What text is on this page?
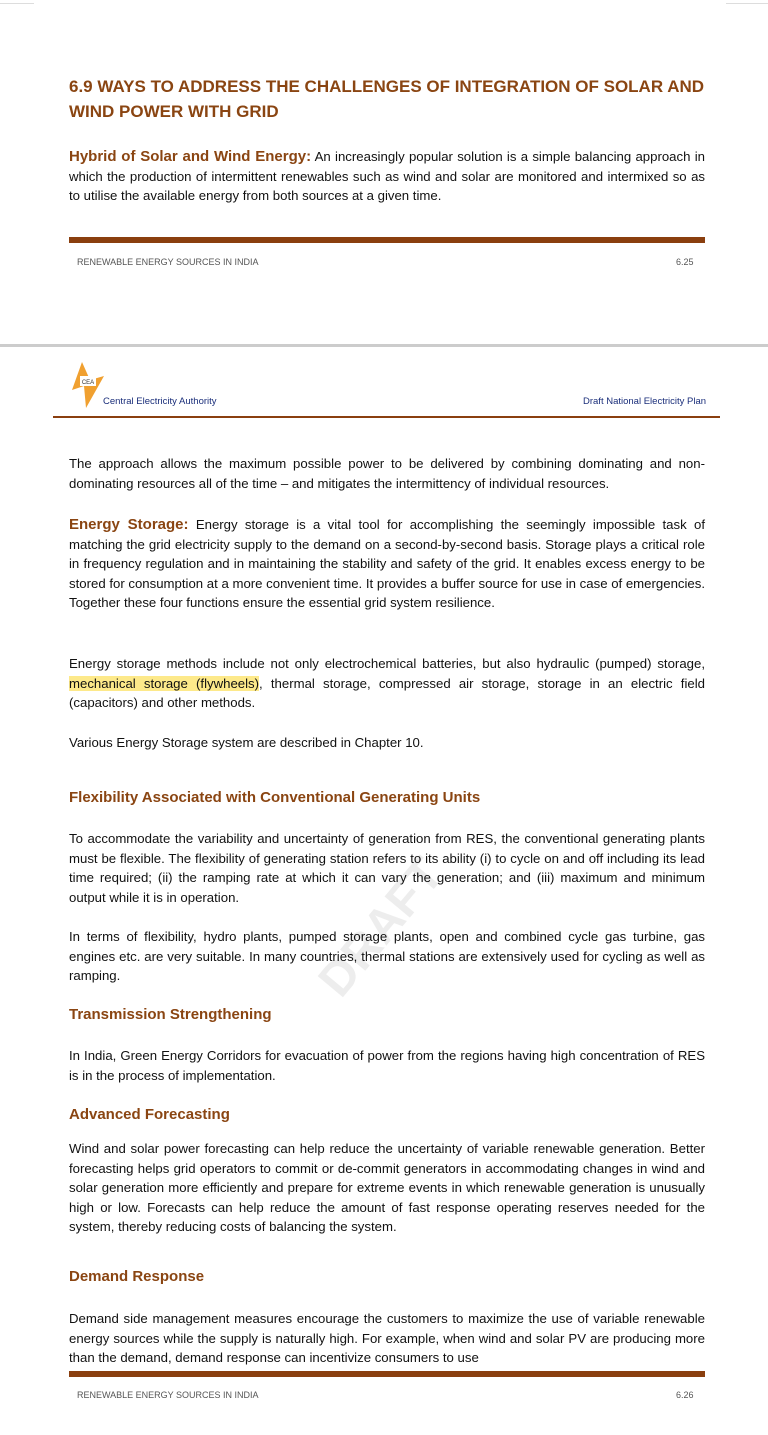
6.9 WAYS TO ADDRESS THE CHALLENGES OF INTEGRATION OF SOLAR AND WIND POWER WITH GRID
Hybrid of Solar and Wind Energy: An increasingly popular solution is a simple balancing approach in which the production of intermittent renewables such as wind and solar are monitored and intermixed so as to utilise the available energy from both sources at a given time.
RENEWABLE ENERGY SOURCES IN INDIA	6.25
CEA
Central Electricity Authority	Draft National Electricity Plan
DRAFT
The approach allows the maximum possible power to be delivered by combining dominating and non-dominating resources all of the time – and mitigates the intermittency of individual resources.
Energy Storage: Energy storage is a vital tool for accomplishing the seemingly impossible task of matching the grid electricity supply to the demand on a second-by-second basis. Storage plays a critical role in frequency regulation and in maintaining the stability and safety of the grid. It enables excess energy to be stored for consumption at a more convenient time. It provides a buffer source for use in case of emergencies. Together these four functions ensure the essential grid system resilience.
Energy storage methods include not only electrochemical batteries, but also hydraulic (pumped) storage, mechanical storage (flywheels), thermal storage, compressed air storage, storage in an electric field (capacitors) and other methods.
Various Energy Storage system are described in Chapter 10.
Flexibility Associated with Conventional Generating Units
To accommodate the variability and uncertainty of generation from RES, the conventional generating plants must be flexible. The flexibility of generating station refers to its ability (i) to cycle on and off including its lead time required; (ii) the ramping rate at which it can vary the generation; and (iii) maximum and minimum output while it is in operation.
In terms of flexibility, hydro plants, pumped storage plants, open and combined cycle gas turbine, gas engines etc. are very suitable. In many countries, thermal stations are extensively used for cycling as well as ramping.
Transmission Strengthening
In India, Green Energy Corridors for evacuation of power from the regions having high concentration of RES is in the process of implementation.
Advanced Forecasting
Wind and solar power forecasting can help reduce the uncertainty of variable renewable generation. Better forecasting helps grid operators to commit or de-commit generators in accommodating changes in wind and solar generation more efficiently and prepare for extreme events in which renewable generation is unusually high or low. Forecasts can help reduce the amount of fast response operating reserves needed for the system, thereby reducing costs of balancing the system.
Demand Response
Demand side management measures encourage the customers to maximize the use of variable renewable energy sources while the supply is naturally high. For example, when wind and solar PV are producing more than the demand, demand response can incentivize consumers to use
RENEWABLE ENERGY SOURCES IN INDIA	6.26
